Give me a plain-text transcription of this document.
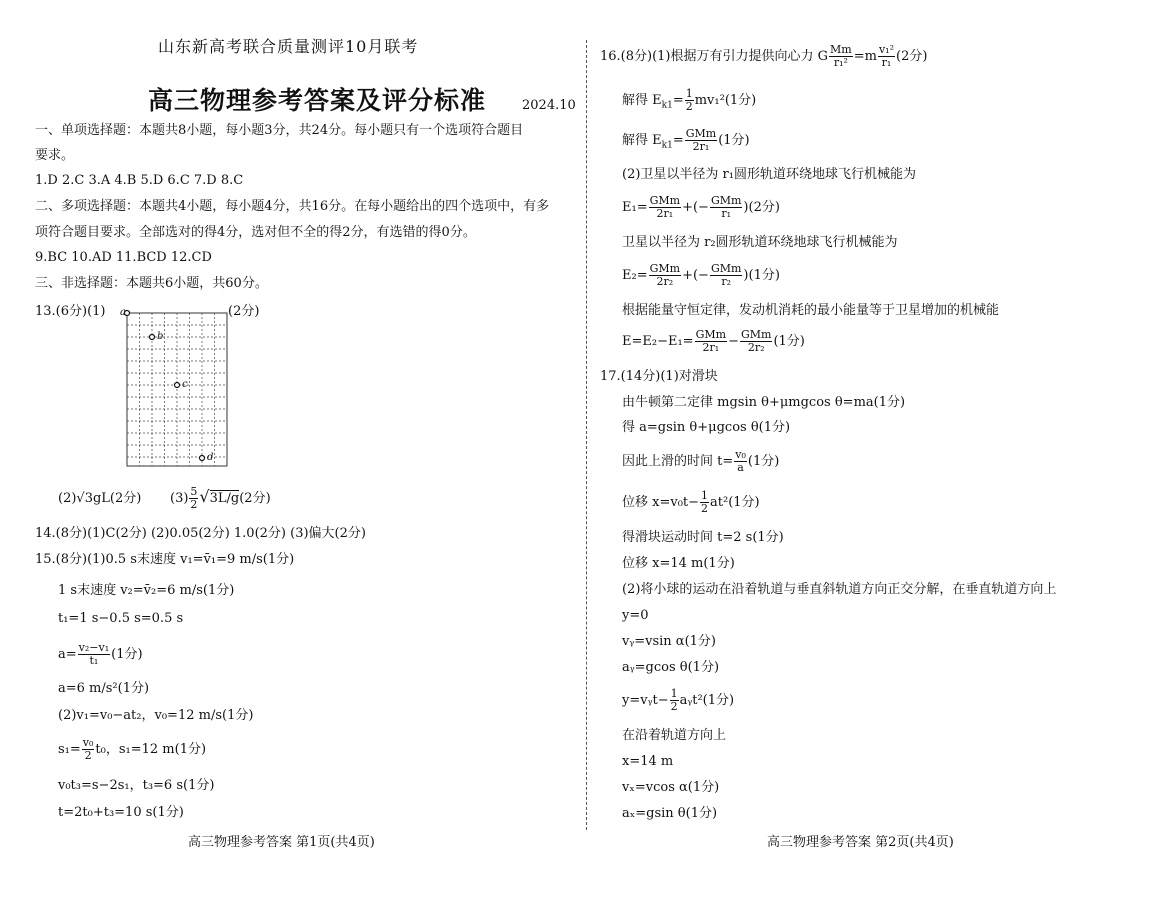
山东新高考联合质量测评10月联考
高三物理参考答案及评分标准	2024.10
一、单项选择题：本题共8小题，每小题3分，共24分。每小题只有一个选项符合题目
要求。
1.D 2.C 3.A 4.B 5.D 6.C 7.D 8.C
二、多项选择题：本题共4小题，每小题4分，共16分。在每小题给出的四个选项中，有多
项符合题目要求。全部选对的得4分，选对但不全的得2分，有选错的得0分。
9.BC 10.AD 11.BCD 12.CD
三、非选择题：本题共6小题，共60分。
13.(6分)(1)	(2分)
a
b
c
d
(2)√3gL(2分) $(3) \frac{5}{2} √3L/g(2$分)
14.(8分)(1)C(2分) (2)0.05(2分) 1.0(2分) (3)偏大(2分)
15.(8分)(1)0.5 s末速度 v₁=v̄₁=9 m/s(1分)
1 s末速度 v₂=v̄₂=6 m/s(1分)
t₁=1 s−0.5 s=0.5 s
$a= \frac{\text{v₂−v₁}}{\text{t₁}} (1$分)
a=6 m/s²(1分)
(2)v₁=v₀−at₂，v₀=12 m/s(1分)
$s_1= \frac{\text{v₀}}{2} t_0$，s₁=12 m(1分)
v₀t₃=s−2s₁，t₃=6 s(1分)
t=2t₀+t₃=10 s(1分)
高三物理参考答案 第1页(共4页)
16.(8分)(1)根据万有引力提供向心力 G $\frac{Mm}{\text{r₁²}} =m \frac{\text{v₁²}}{\text{r₁}} (2$分)
解得 $E_{k1}= \frac{1}{2} mv_1^2(1$分)
解得 $E_{k1}= \frac{\text{GMm}}{\text{2r₁}} (1$分)
(2)卫星以半径为 r₁圆形轨道环绕地球飞行机械能为
$E_1= \frac{\text{GMm}}{\text{2r₁}}$ +(− $\frac{\text{GMm}}{\text{r₁}} )(2$分)
卫星以半径为 r₂圆形轨道环绕地球飞行机械能为
$E_2= \frac{\text{GMm}}{\text{2r₂}}$ +(− $\frac{\text{GMm}}{\text{r₂}} )(1$分)
根据能量守恒定律，发动机消耗的最小能量等于卫星增加的机械能
$E=E_2-E_1= \frac{\text{GMm}}{\text{2r₁}} - \frac{\text{GMm}}{\text{2r₂}} (1$分)
17.(14分)(1)对滑块
由牛顿第二定律 mgsin θ+μmgcos θ=ma(1分)
得 a=gsin θ+μgcos θ(1分)
因此上滑的时间 $t= \frac{\text{v₀}}{a} (1$分)
位移 $x=v_0t- \frac{1}{2} at^2(1$分)
得滑块运动时间 t=2 s(1分)
位移 x=14 m(1分)
(2)将小球的运动在沿着轨道与垂直斜轨道方向正交分解，在垂直轨道方向上
y=0
vᵧ=vsin α(1分)
aᵧ=gcos θ(1分)
y=vᵧt− $\frac{1}{2}$ aᵧt²(1分)
在沿着轨道方向上
x=14 m
vₓ=vcos α(1分)
aₓ=gsin θ(1分)
高三物理参考答案 第2页(共4页)
